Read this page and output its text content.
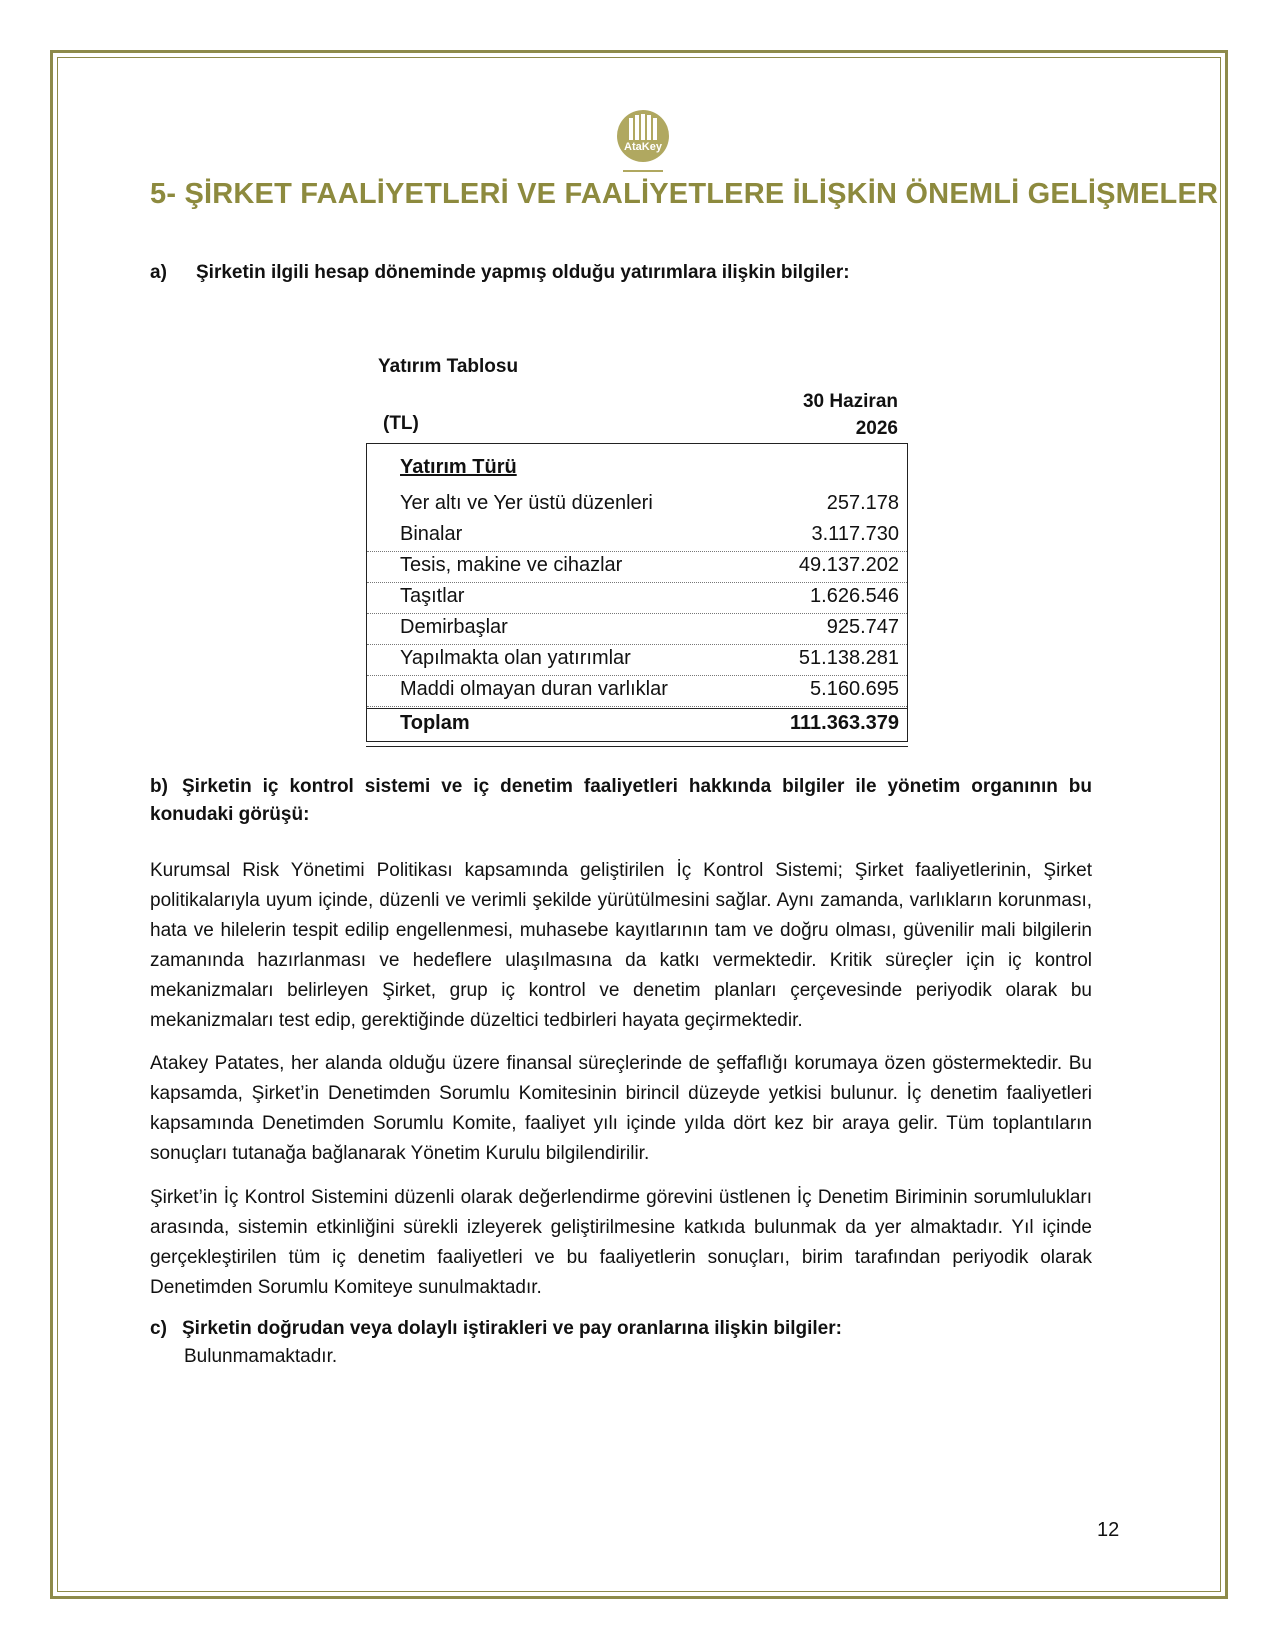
AtaKey
5- ŞİRKET FAALİYETLERİ VE FAALİYETLERE İLİŞKİN ÖNEMLİ GELİŞMELER
a) Şirketin ilgili hesap döneminde yapmış olduğu yatırımlara ilişkin bilgiler:
Yatırım Tablosu
30 Haziran
2026
(TL)
Yatırım Türü
Yer altı ve Yer üstü düzenleri	257.178
Binalar	3.117.730
Tesis, makine ve cihazlar	49.137.202
Taşıtlar	1.626.546
Demirbaşlar	925.747
Yapılmakta olan yatırımlar	51.138.281
Maddi olmayan duran varlıklar	5.160.695
Toplam	111.363.379
b) Şirketin iç kontrol sistemi ve iç denetim faaliyetleri hakkında bilgiler ile yönetim organının bu
konudaki görüşü:
Kurumsal Risk Yönetimi Politikası kapsamında geliştirilen İç Kontrol Sistemi; Şirket faaliyetlerinin, Şirket politikalarıyla uyum içinde, düzenli ve verimli şekilde yürütülmesini sağlar. Aynı zamanda, varlıkların korunması, hata ve hilelerin tespit edilip engellenmesi, muhasebe kayıtlarının tam ve doğru olması, güvenilir mali bilgilerin zamanında hazırlanması ve hedeflere ulaşılmasına da katkı vermektedir. Kritik süreçler için iç kontrol mekanizmaları belirleyen Şirket, grup iç kontrol ve denetim planları çerçevesinde periyodik olarak bu mekanizmaları test edip, gerektiğinde düzeltici tedbirleri hayata geçirmektedir.
Atakey Patates, her alanda olduğu üzere finansal süreçlerinde de şeffaflığı korumaya özen göstermektedir. Bu kapsamda, Şirket’in Denetimden Sorumlu Komitesinin birincil düzeyde yetkisi bulunur. İç denetim faaliyetleri kapsamında Denetimden Sorumlu Komite, faaliyet yılı içinde yılda dört kez bir araya gelir. Tüm toplantıların sonuçları tutanağa bağlanarak Yönetim Kurulu bilgilendirilir.
Şirket’in İç Kontrol Sistemini düzenli olarak değerlendirme görevini üstlenen İç Denetim Biriminin sorumlulukları arasında, sistemin etkinliğini sürekli izleyerek geliştirilmesine katkıda bulunmak da yer almaktadır. Yıl içinde gerçekleştirilen tüm iç denetim faaliyetleri ve bu faaliyetlerin sonuçları, birim tarafından periyodik olarak Denetimden Sorumlu Komiteye sunulmaktadır.
c) Şirketin doğrudan veya dolaylı iştirakleri ve pay oranlarına ilişkin bilgiler:
Bulunmamaktadır.
12
